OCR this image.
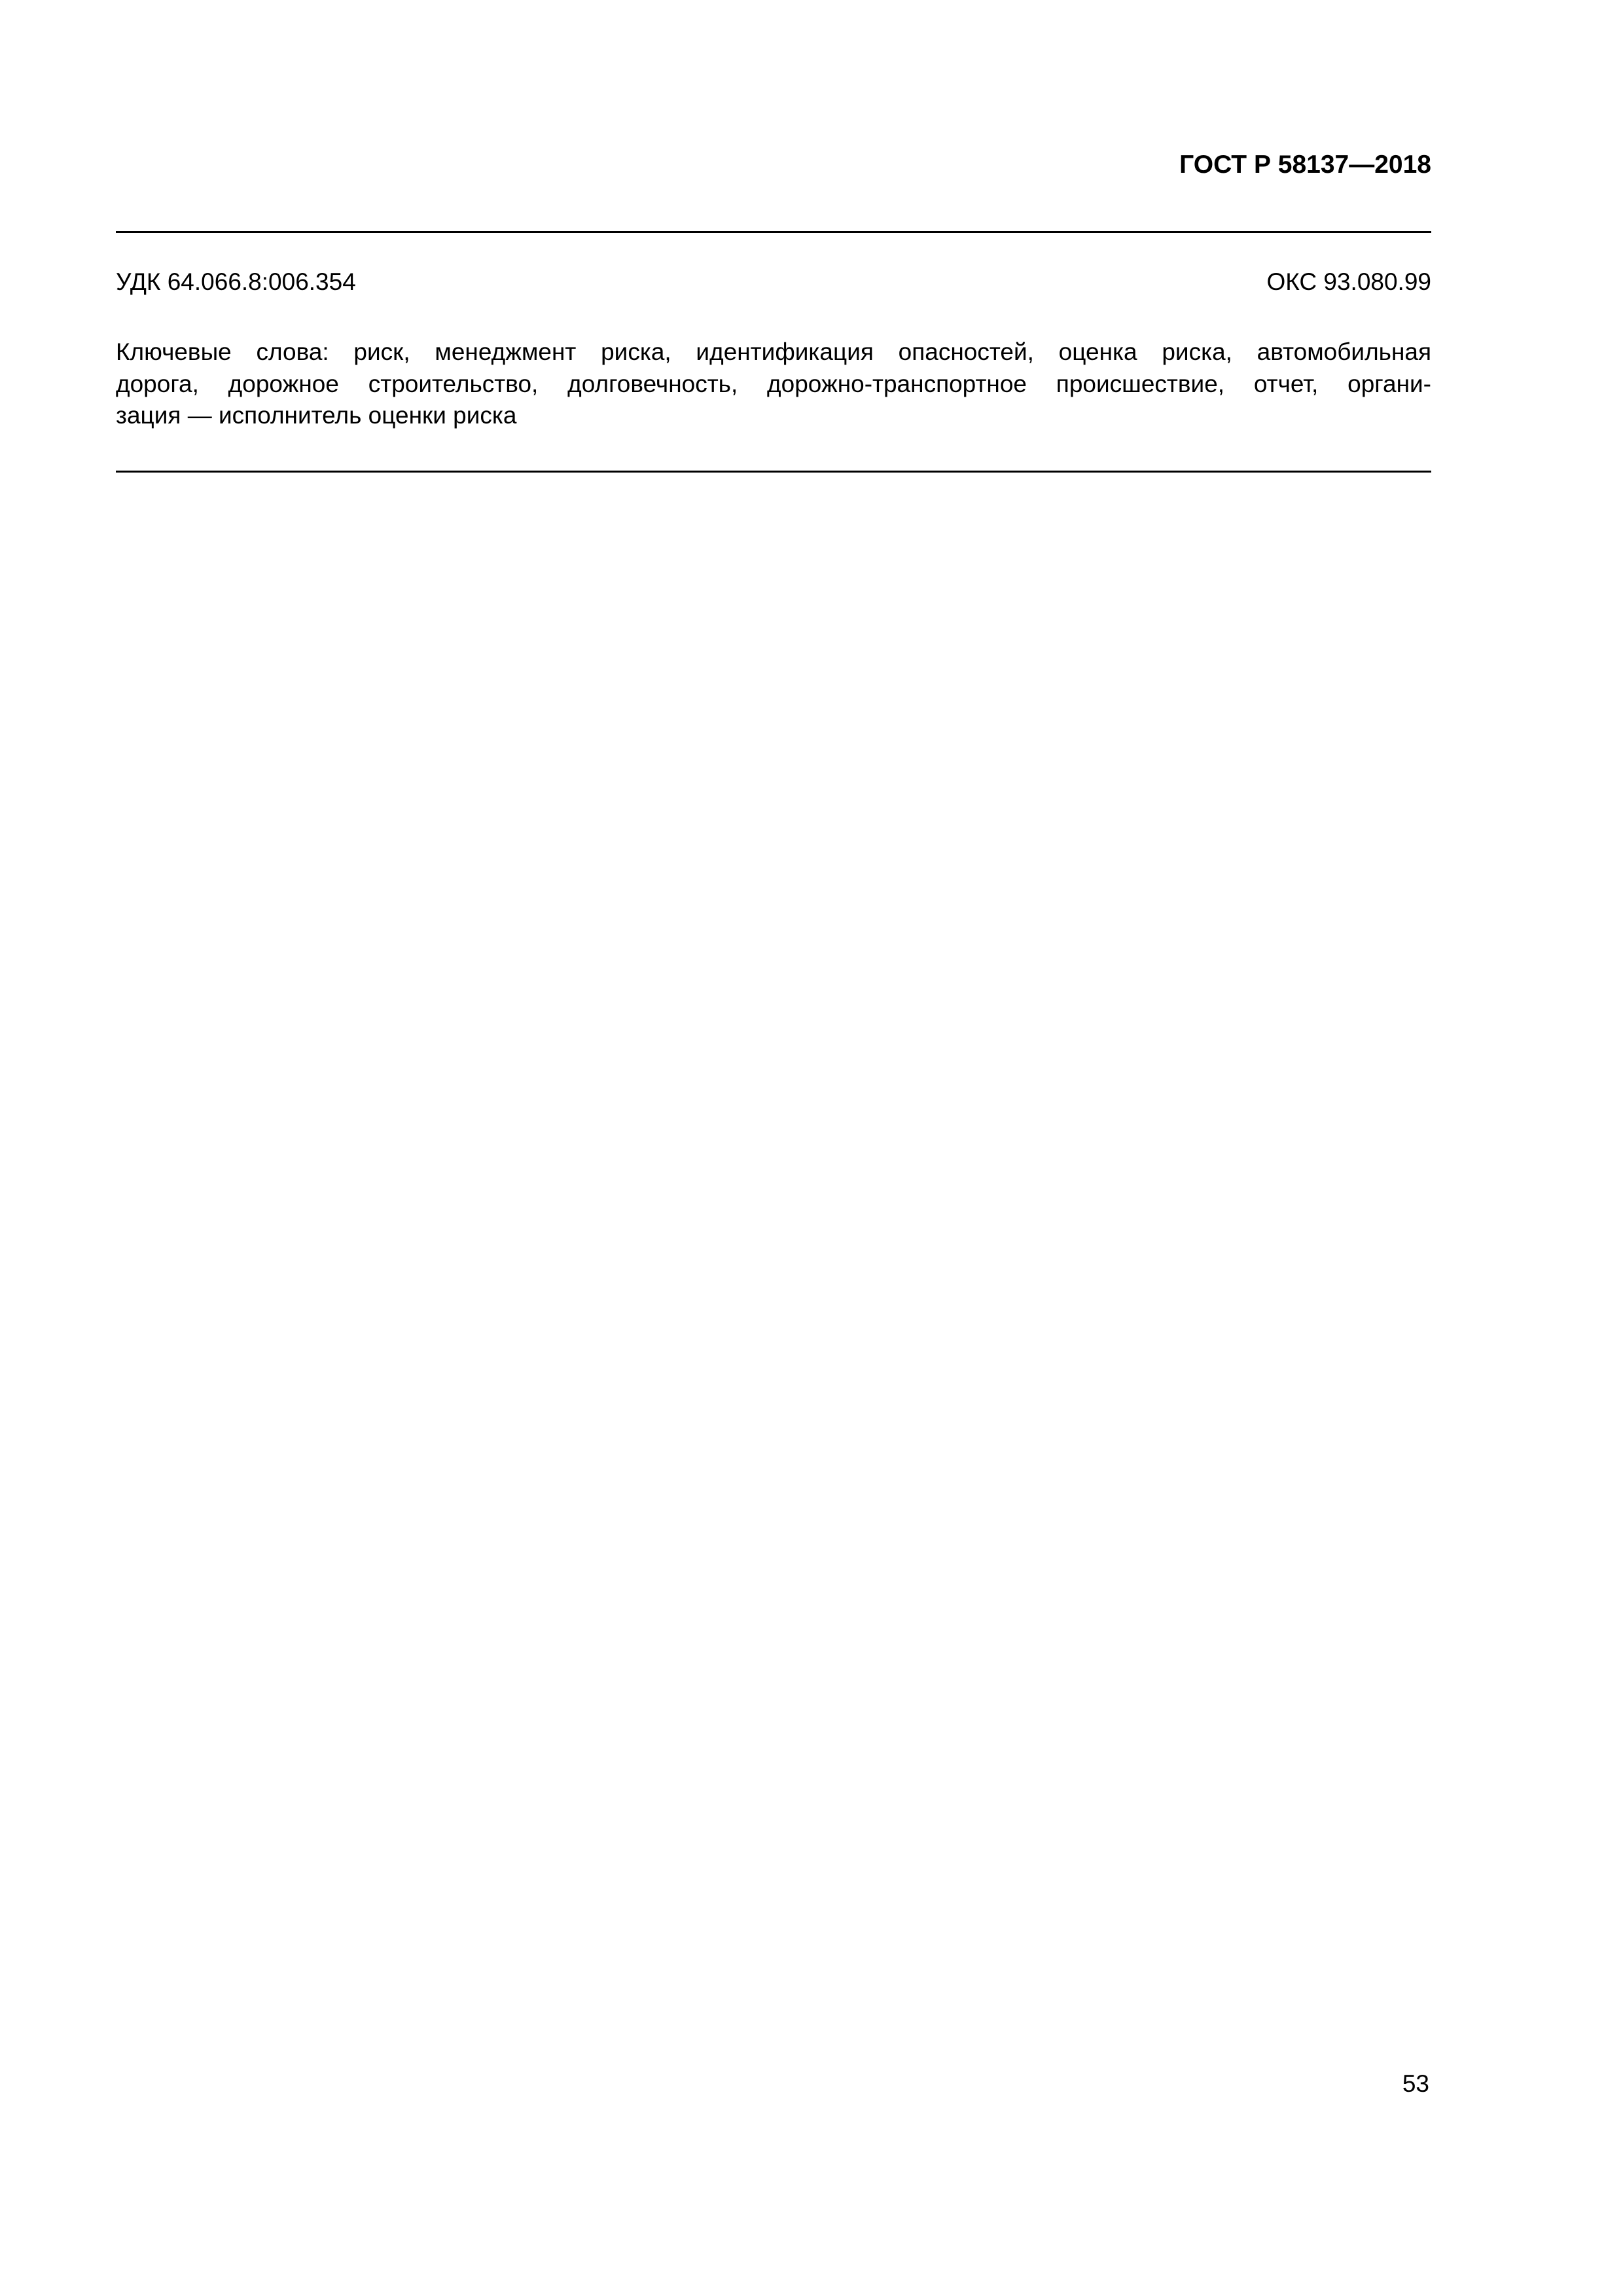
ГОСТ Р 58137—2018
УДК 64.066.8:006.354	ОКС 93.080.99
Ключевые слова: риск, менеджмент риска, идентификация опасностей, оценка риска, автомобильная
дорога, дорожное строительство, долговечность, дорожно-транспортное происшествие, отчет, органи-
зация — исполнитель оценки риска
53
